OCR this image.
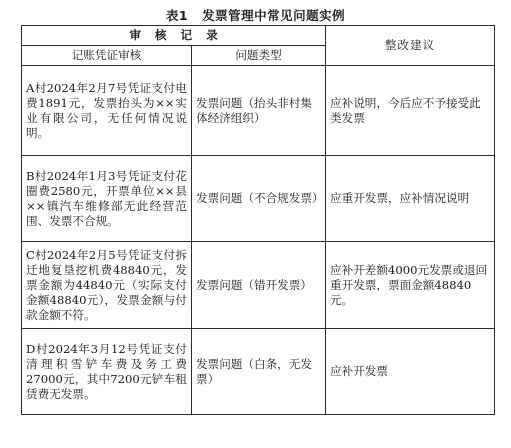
表1 发票管理中常见问题实例
审核记录		整改建议
记账凭证审核	问题类型	
A村2024年2月7号凭证支付电费1891元，发票抬头为××实业有限公司，无任何情况说明。	发票问题（抬头非村集体经济组织）	应补说明，今后应不予接受此类发票
B村2024年1月3号凭证支付花圈费2580元，开票单位××县××镇汽车维修部无此经营范围、发票不合规。	发票问题（不合规发票）	应重开发票，应补情况说明
C村2024年2月5号凭证支付拆迁地复垦挖机费48840元，发票金额为44840元（实际支付金额48840元），发票金额与付款金额不符。	发票问题（错开发票）	应补开差额4000元发票或退回重开发票，票面金额48840元。
D村2024年3月12号凭证支付清理积雪铲车费及务工费27000元，其中7200元铲车租赁费无发票。	发票问题（白条，无发票）	应补开发票
